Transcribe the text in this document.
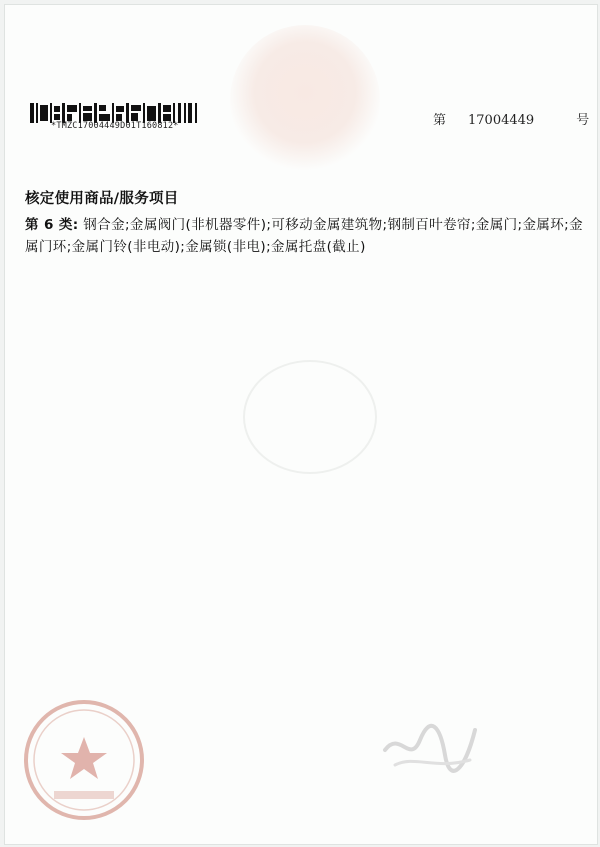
*TMZC17004449D01T160812*	第 17004449	号
核定使用商品/服务项目
第 6 类: 钢合金;金属阀门(非机器零件);可移动金属建筑物;钢制百叶卷帘;金属门;金属环;金属门环;金属门铃(非电动);金属锁(非电);金属托盘(截止)
